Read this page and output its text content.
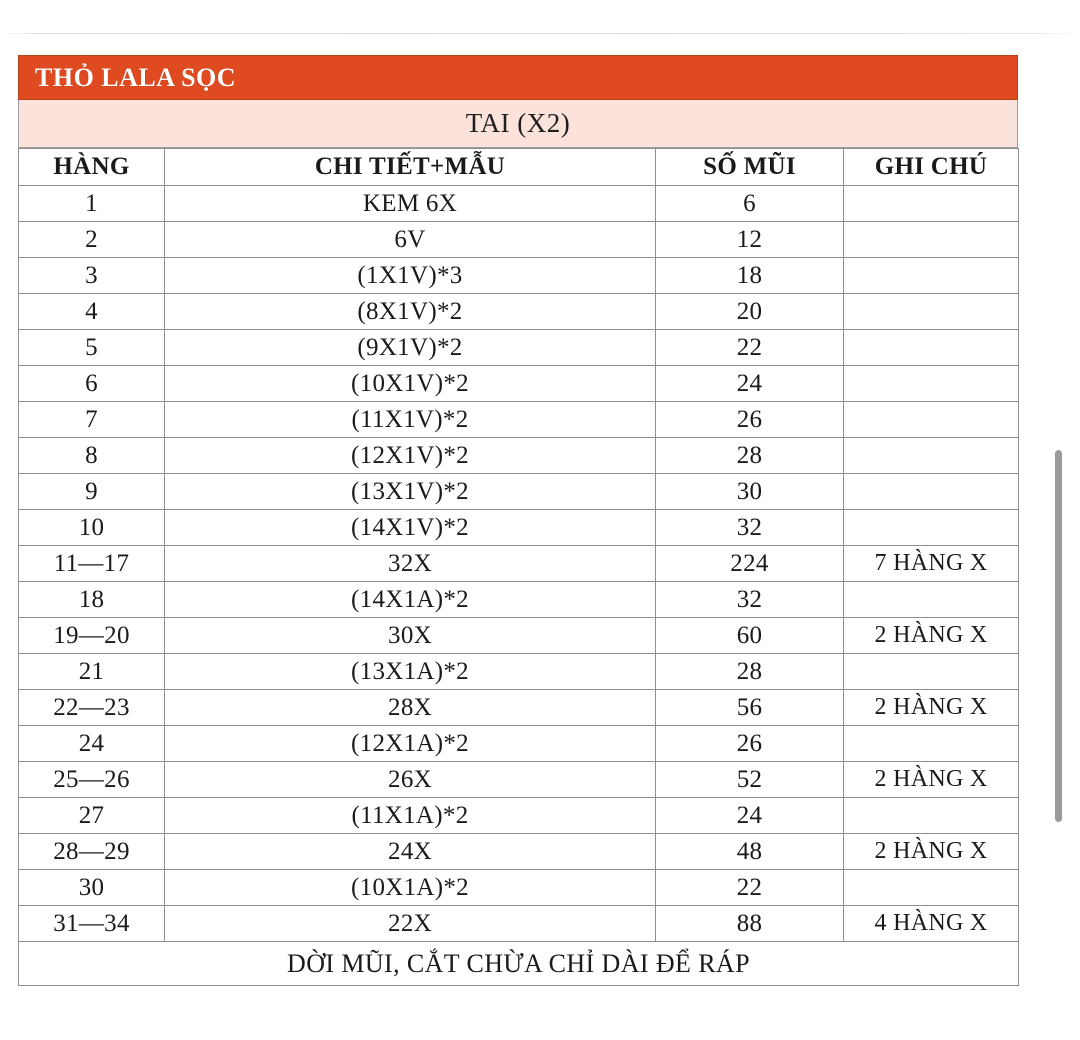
THỎ LALA SỌC
TAI (X2)
HÀNG	CHI TIẾT+MẪU	SỐ MŨI	GHI CHÚ
1	KEM 6X	6	
2	6V	12	
3	(1X1V)*3	18	
4	(8X1V)*2	20	
5	(9X1V)*2	22	
6	(10X1V)*2	24	
7	(11X1V)*2	26	
8	(12X1V)*2	28	
9	(13X1V)*2	30	
10	(14X1V)*2	32	
11—17	32X	224	7 HÀNG X
18	(14X1A)*2	32	
19—20	30X	60	2 HÀNG X
21	(13X1A)*2	28	
22—23	28X	56	2 HÀNG X
24	(12X1A)*2	26	
25—26	26X	52	2 HÀNG X
27	(11X1A)*2	24	
28—29	24X	48	2 HÀNG X
30	(10X1A)*2	22	
31—34	22X	88	4 HÀNG X
DỜI MŨI, CẮT CHỪA CHỈ DÀI ĐỂ RÁP			
